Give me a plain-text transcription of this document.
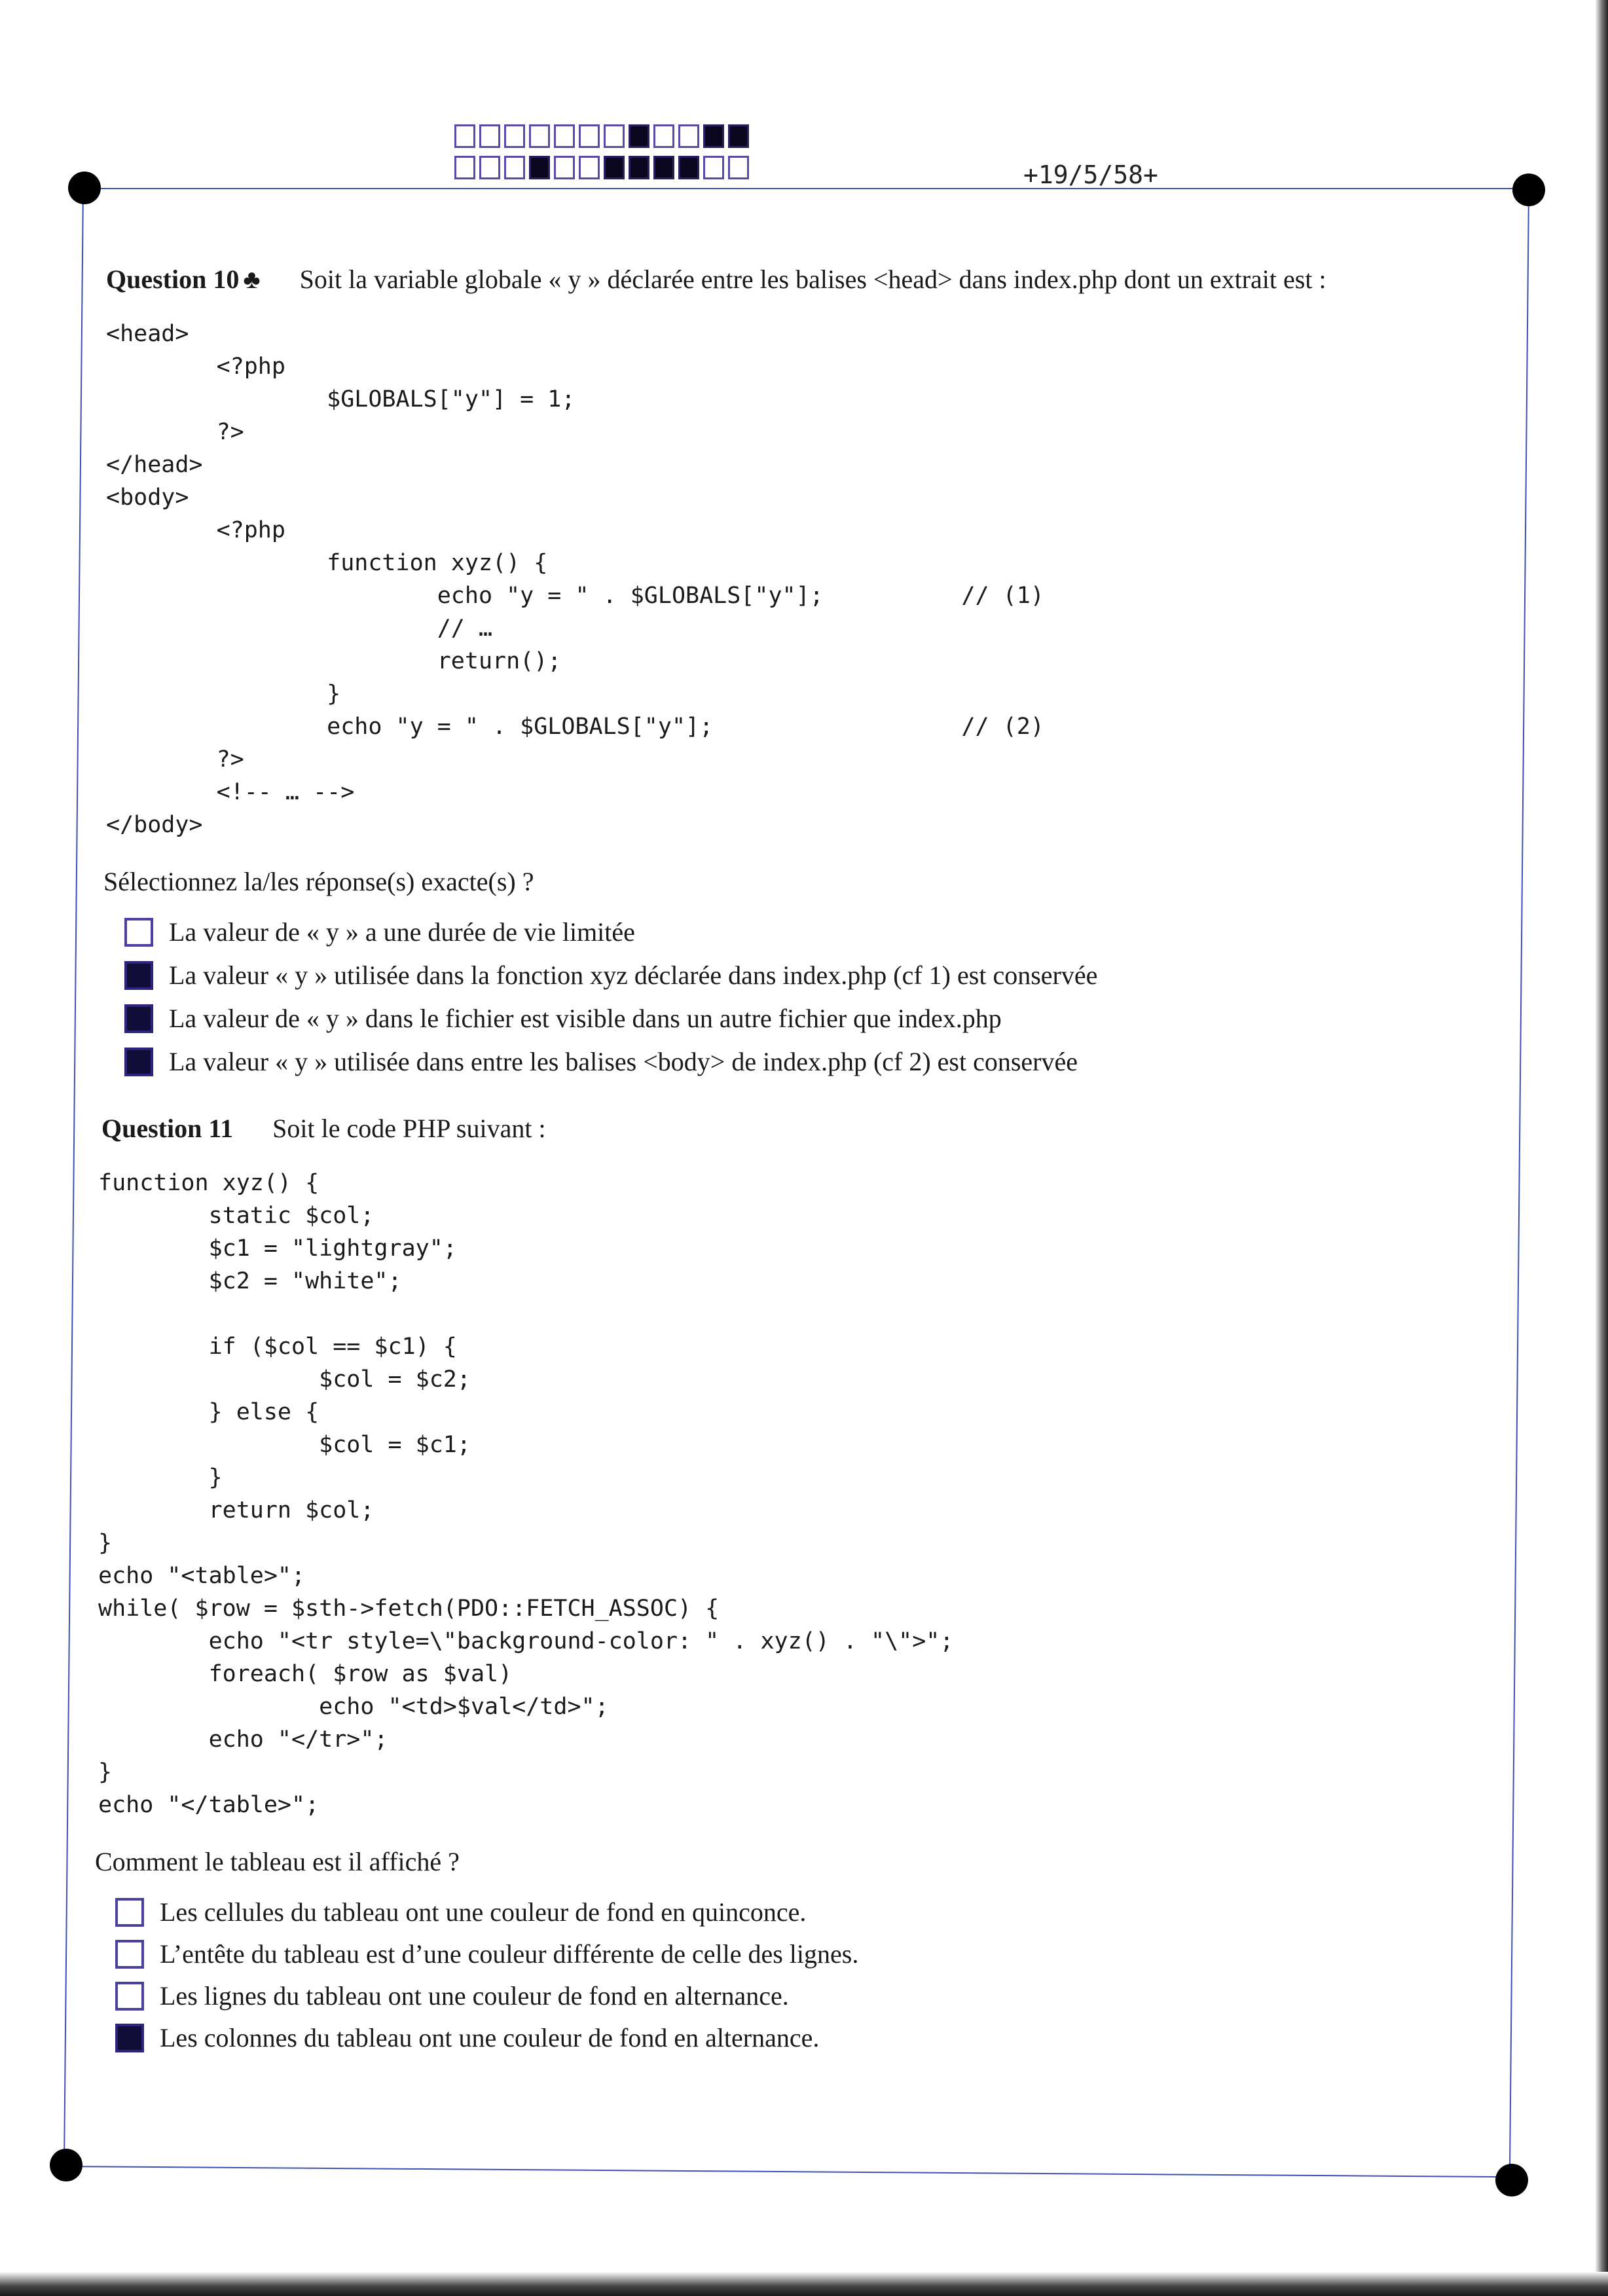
+19/5/58+
Question 10 ♣ Soit la variable globale « y » déclarée entre les balises <head> dans index.php dont un extrait est :
<head>
<?php
$GLOBALS["y"] = 1;
?>
</head>
<body>
<?php
function xyz() {
echo "y = " . $GLOBALS["y"];          // (1)
// …
return();
}
echo "y = " . $GLOBALS["y"];                  // (2)
?>
<!-- … -->
</body>
Sélectionnez la/les réponse(s) exacte(s) ?
La valeur de « y » a une durée de vie limitée
La valeur « y » utilisée dans la fonction xyz déclarée dans index.php (cf 1) est conservée
La valeur de « y » dans le fichier est visible dans un autre fichier que index.php
La valeur « y » utilisée dans entre les balises <body> de index.php (cf 2) est conservée
Question 11 Soit le code PHP suivant :
function xyz() {
static $col;
$c1 = "lightgray";
$c2 = "white";

if ($col == $c1) {
$col = $c2;
} else {
$col = $c1;
}
return $col;
}
echo "<table>";
while( $row = $sth->fetch(PDO::FETCH_ASSOC) {
echo "<tr style=\"background-color: " . xyz() . "\">";
foreach( $row as $val)
echo "<td>$val</td>";
echo "</tr>";
}
echo "</table>";
Comment le tableau est il affiché ?
Les cellules du tableau ont une couleur de fond en quinconce.
L’entête du tableau est d’une couleur différente de celle des lignes.
Les lignes du tableau ont une couleur de fond en alternance.
Les colonnes du tableau ont une couleur de fond en alternance.
